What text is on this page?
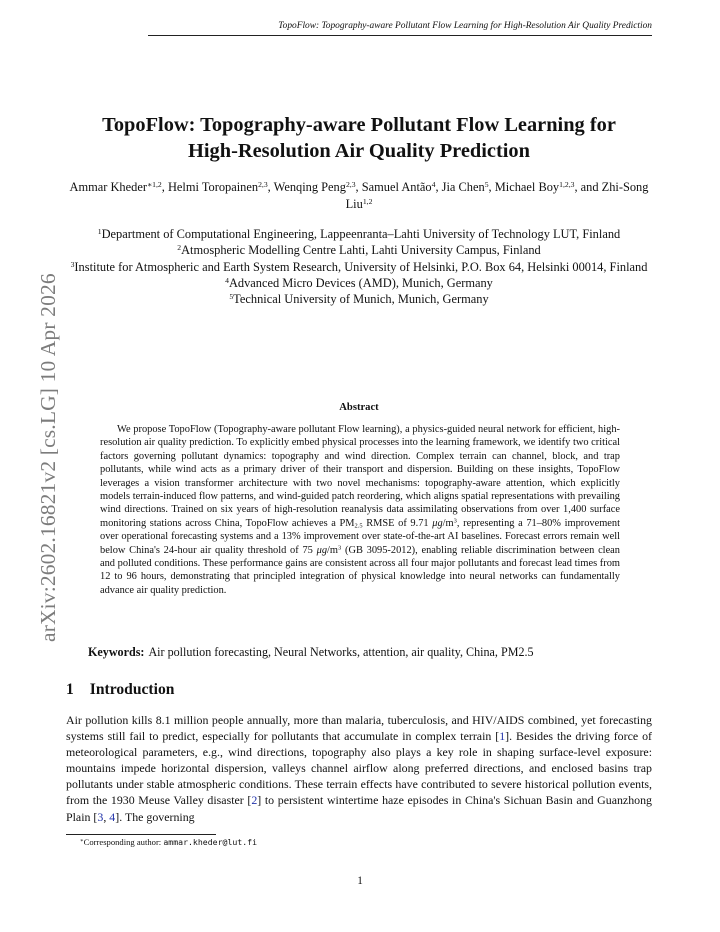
TopoFlow: Topography-aware Pollutant Flow Learning for High-Resolution Air Quality Prediction
arXiv:2602.16821v2 [cs.LG] 10 Apr 2026
TopoFlow: Topography-aware Pollutant Flow Learning for
High-Resolution Air Quality Prediction
Ammar Kheder$^{∗1,2}$, Helmi Toropainen$^{2,3}$, Wenqing Peng$^{2,3}$, Samuel Antão$^4$, Jia Chen$^5$, Michael Boy$^{1,2,3}$, and Zhi-Song Liu$^{1,2}$
$^1$Department of Computational Engineering, Lappeenranta–Lahti University of Technology LUT, Finland
$^2$Atmospheric Modelling Centre Lahti, Lahti University Campus, Finland
$^3$Institute for Atmospheric and Earth System Research, University of Helsinki, P.O. Box 64, Helsinki 00014, Finland
$^4$Advanced Micro Devices (AMD), Munich, Germany
$^5$Technical University of Munich, Munich, Germany
Abstract

We propose TopoFlow (Topography-aware pollutant Flow learning), a physics-guided neural network for efficient, high-resolution air quality prediction. To explicitly embed physical processes into the learning framework, we identify two critical factors governing pollutant dynamics: topography and wind direction. Complex terrain can channel, block, and trap pollutants, while wind acts as a primary driver of their transport and dispersion. Building on these insights, TopoFlow leverages a vision transformer architecture with two novel mechanisms: topography-aware attention, which explicitly models terrain-induced flow patterns, and wind-guided patch reordering, which aligns spatial representations with prevailing wind directions. Trained on six years of high-resolution reanalysis data assimilating observations from over 1,400 surface monitoring stations across China, TopoFlow achieves a $PM_{2.5}$ RMSE of 9.71 $\mu g/m^3$, representing a 71–80% improvement over operational forecasting systems and a 13% improvement over state-of-the-art AI baselines. Forecast errors remain well below China's 24-hour air quality threshold of 75 $\mu g/m^3$ (GB 3095-2012), enabling reliable discrimination between clean and polluted conditions. These performance gains are consistent across all four major pollutants and forecast lead times from 12 to 96 hours, demonstrating that principled integration of physical knowledge into neural networks can fundamentally advance air quality prediction.

Keywords: Air pollution forecasting, Neural Networks, attention, air quality, China, PM2.5
1 Introduction

Air pollution kills 8.1 million people annually, more than malaria, tuberculosis, and HIV/AIDS combined, yet forecasting systems still fail to predict, especially for pollutants that accumulate in complex terrain [1]. Besides the driving force of meteorological parameters, e.g., wind directions, topography also plays a key role in shaping surface-level exposure: mountains impede horizontal dispersion, valleys channel airflow along preferred directions, and enclosed basins trap pollutants under stable atmospheric conditions. These terrain effects have contributed to severe historical pollution events, from the 1930 Meuse Valley disaster [2] to persistent wintertime haze episodes in China's Sichuan Basin and Guanzhong Plain [3, 4]. The governing

∗Corresponding author: ammar.kheder@lut.fi
1
